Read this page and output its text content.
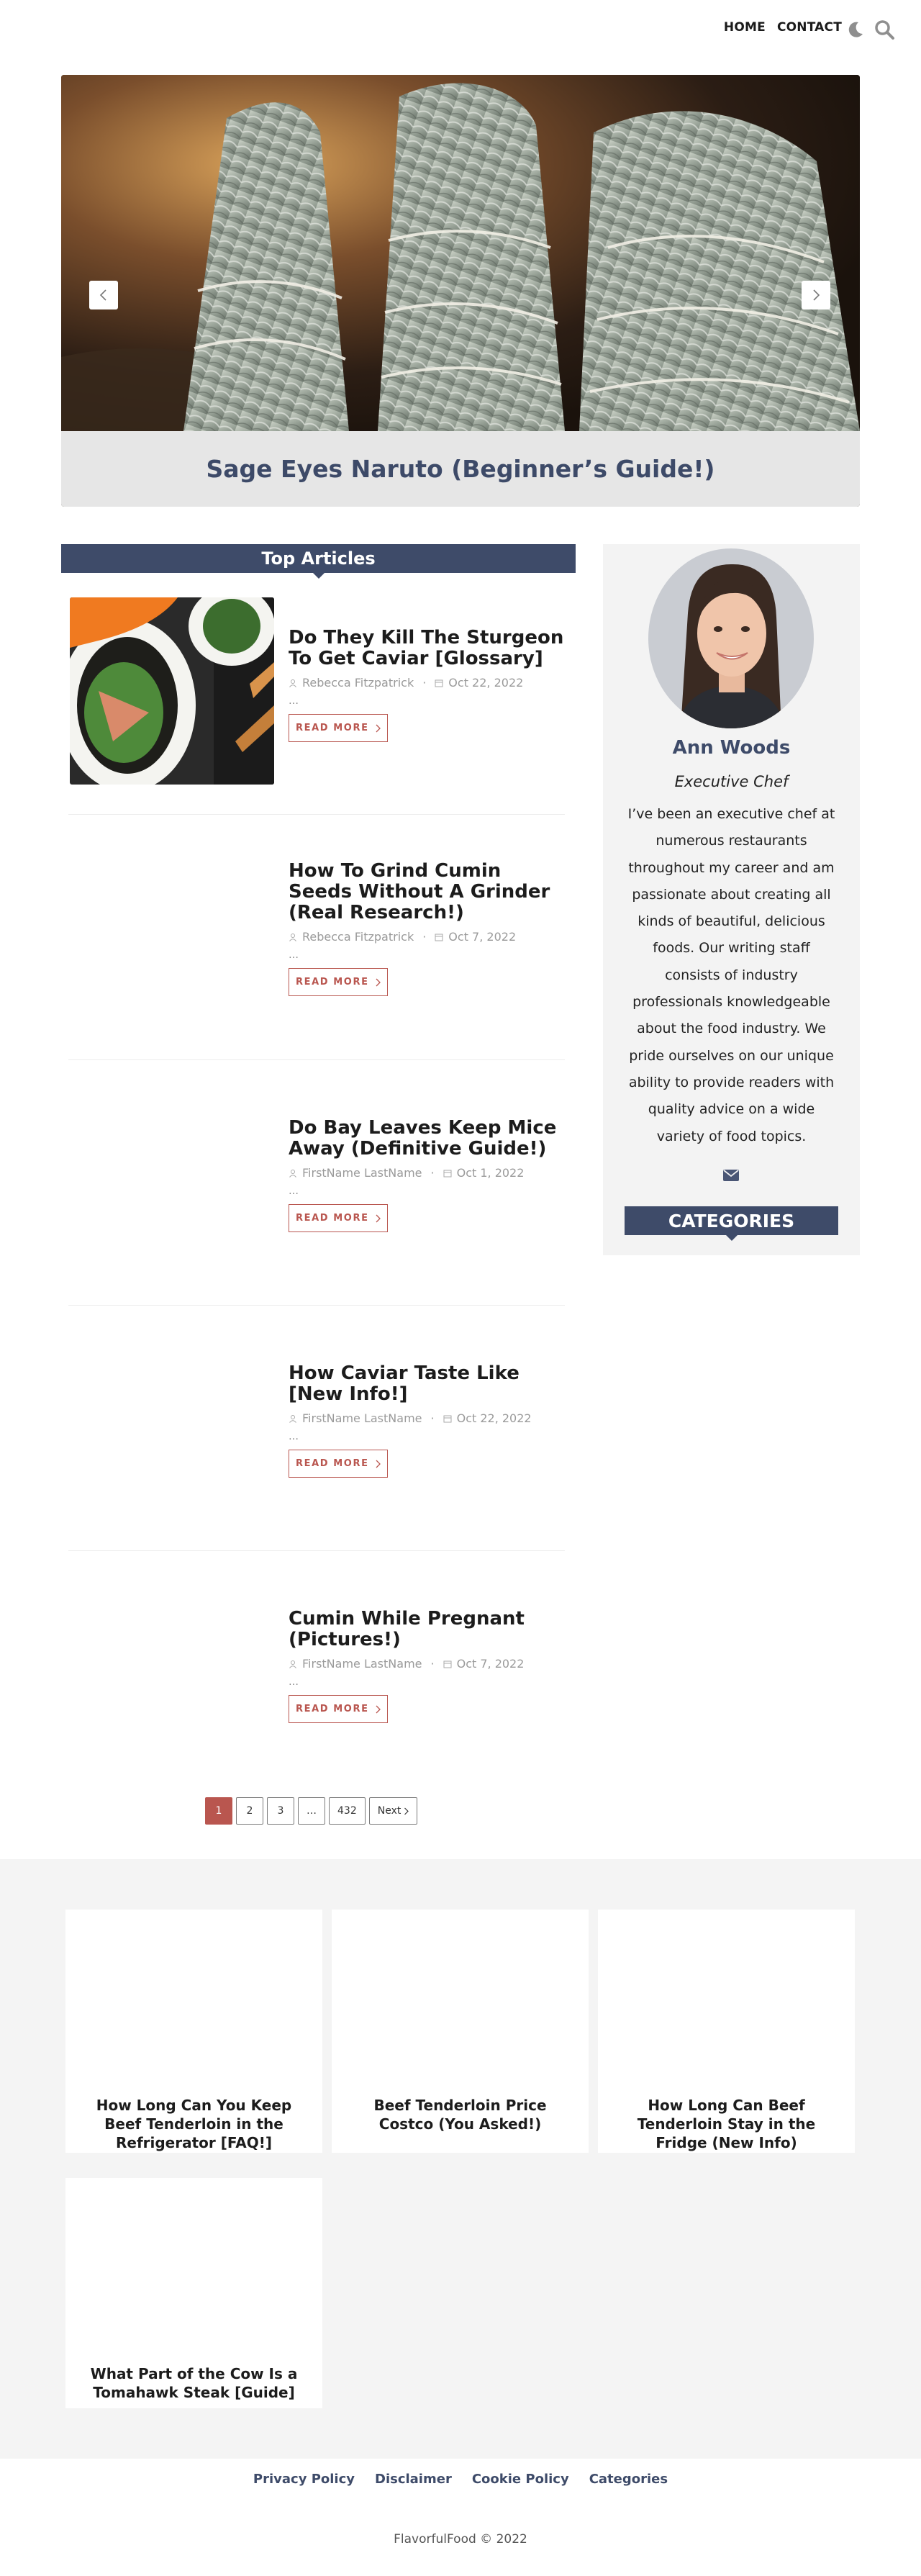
HOME CONTACT
Sage Eyes Naruto (Beginner’s Guide!)
Top Articles
Do They Kill The Sturgeon To Get Caviar [Glossary]
Rebecca Fitzpatrick · Oct 22, 2022
…
READ MORE
How To Grind Cumin Seeds Without A Grinder (Real Research!)
Rebecca Fitzpatrick · Oct 7, 2022
…
READ MORE
Do Bay Leaves Keep Mice Away (Definitive Guide!)
FirstName LastName · Oct 1, 2022
…
READ MORE
How Caviar Taste Like [New Info!]
FirstName LastName · Oct 22, 2022
…
READ MORE
Cumin While Pregnant (Pictures!)
FirstName LastName · Oct 7, 2022
…
READ MORE
1	2	3	…	432	Next
Ann Woods
Executive Chef

I’ve been an executive chef at numerous restaurants throughout my career and am passionate about creating all kinds of beautiful, delicious foods. Our writing staff consists of industry professionals knowledgeable about the food industry. We pride ourselves on our unique ability to provide readers with quality advice on a wide variety of food topics.

CATEGORIES
How Long Can You Keep Beef Tenderloin in the Refrigerator [FAQ!]
Beef Tenderloin Price Costco (You Asked!)
How Long Can Beef Tenderloin Stay in the Fridge (New Info)
What Part of the Cow Is a Tomahawk Steak [Guide]
Privacy Policy Disclaimer Cookie Policy Categories
FlavorfulFood © 2022
